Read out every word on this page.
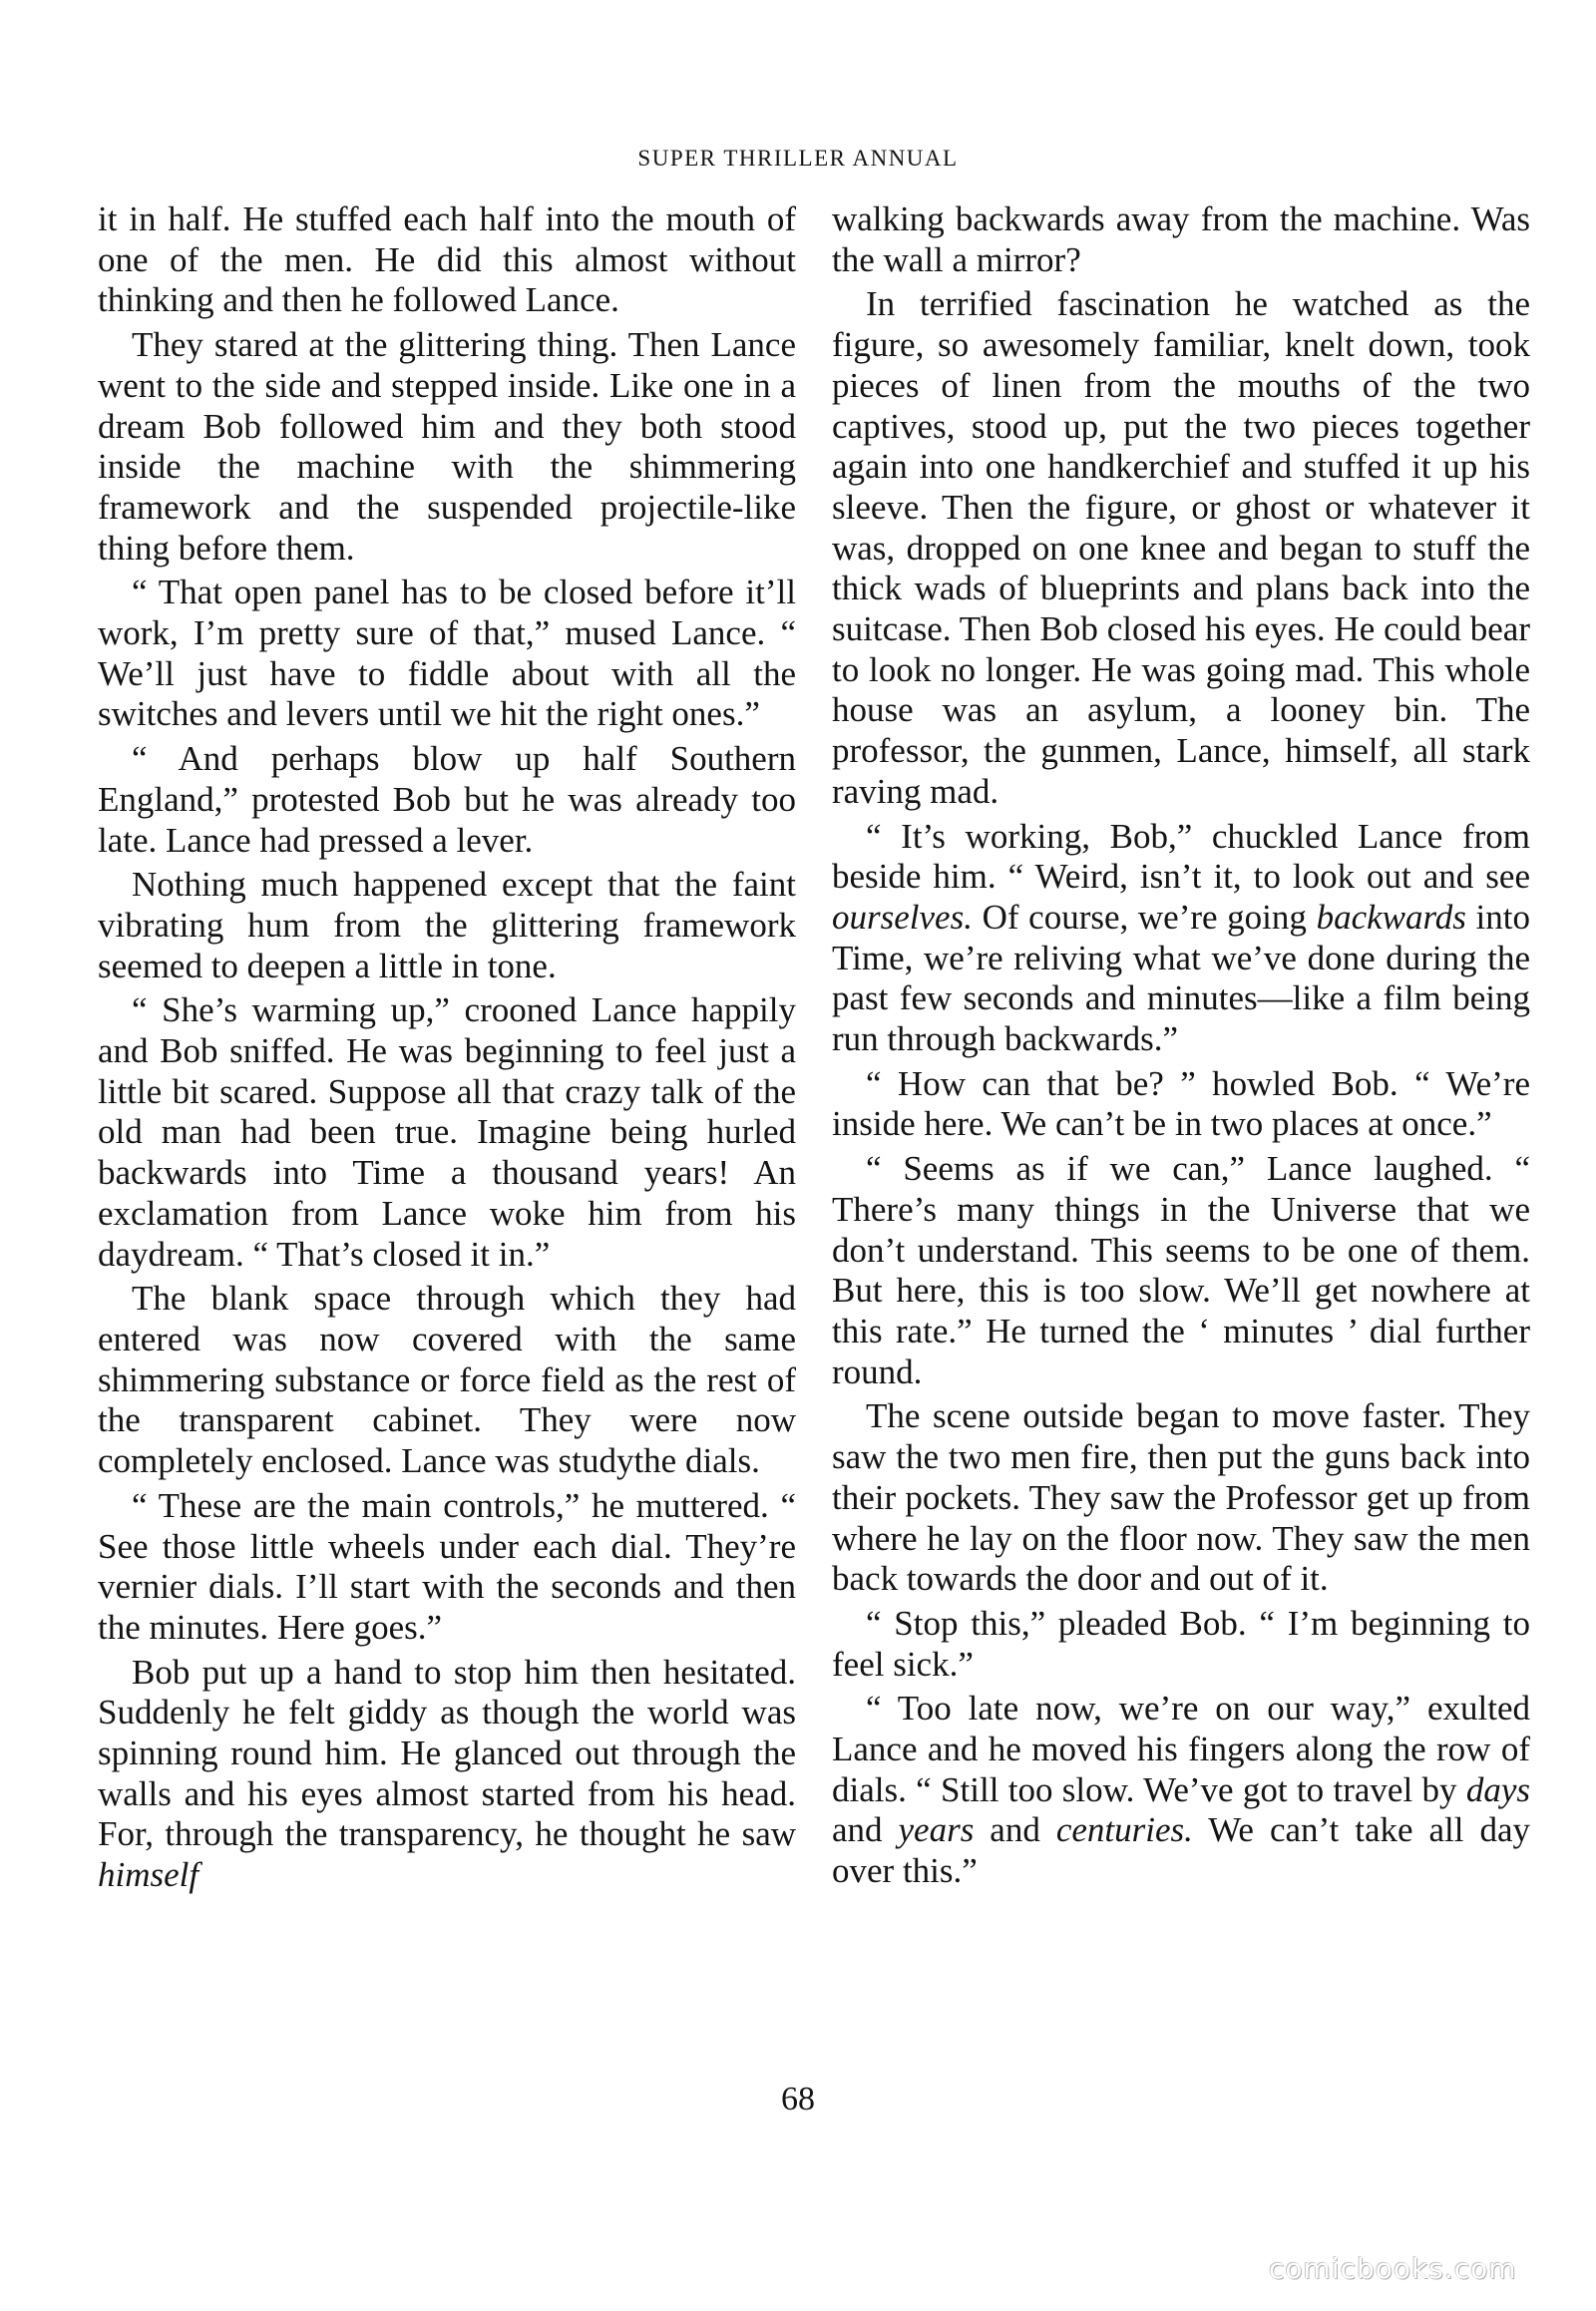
SUPER THRILLER ANNUAL

it in half. He stuffed each half into the mouth of one of the men. He did this almost without thinking and then he followed Lance.

They stared at the glittering thing. Then Lance went to the side and stepped inside. Like one in a dream Bob followed him and they both stood inside the machine with the shimmering framework and the suspended projectile-like thing before them.

“ That open panel has to be closed before it’ll work, I’m pretty sure of that,” mused Lance. “ We’ll just have to fiddle about with all the switches and levers until we hit the right ones.”

“ And perhaps blow up half Southern England,” protested Bob but he was already too late. Lance had pressed a lever.

Nothing much happened except that the faint vibrating hum from the glittering framework seemed to deepen a little in tone.

“ She’s warming up,” crooned Lance happily and Bob sniffed. He was beginning to feel just a little bit scared. Suppose all that crazy talk of the old man had been true. Imagine being hurled backwards into Time a thousand years! An exclamation from Lance woke him from his daydream. “ That’s closed it in.”

The blank space through which they had entered was now covered with the same shimmering substance or force field as the rest of the transparent cabinet. They were now completely enclosed. Lance was studythe dials.

“ These are the main controls,” he muttered. “ See those little wheels under each dial. They’re vernier dials. I’ll start with the seconds and then the minutes. Here goes.”

Bob put up a hand to stop him then hesitated. Suddenly he felt giddy as though the world was spinning round him. He glanced out through the walls and his eyes almost started from his head. For, through the transparency, he thought he saw himself

walking backwards away from the machine. Was the wall a mirror?

In terrified fascination he watched as the figure, so awesomely familiar, knelt down, took pieces of linen from the mouths of the two captives, stood up, put the two pieces together again into one handkerchief and stuffed it up his sleeve. Then the figure, or ghost or whatever it was, dropped on one knee and began to stuff the thick wads of blueprints and plans back into the suitcase. Then Bob closed his eyes. He could bear to look no longer. He was going mad. This whole house was an asylum, a looney bin. The professor, the gunmen, Lance, himself, all stark raving mad.

“ It’s working, Bob,” chuckled Lance from beside him. “ Weird, isn’t it, to look out and see ourselves. Of course, we’re going backwards into Time, we’re reliving what we’ve done during the past few seconds and minutes—like a film being run through backwards.”

“ How can that be? ” howled Bob. “ We’re inside here. We can’t be in two places at once.”

“ Seems as if we can,” Lance laughed. “ There’s many things in the Universe that we don’t understand. This seems to be one of them. But here, this is too slow. We’ll get nowhere at this rate.” He turned the ‘ minutes ’ dial further round.

The scene outside began to move faster. They saw the two men fire, then put the guns back into their pockets. They saw the Professor get up from where he lay on the floor now. They saw the men back towards the door and out of it.

“ Stop this,” pleaded Bob. “ I’m beginning to feel sick.”

“ Too late now, we’re on our way,” exulted Lance and he moved his fingers along the row of dials. “ Still too slow. We’ve got to travel by days and years and centuries. We can’t take all day over this.”

68
comicbooks.com
